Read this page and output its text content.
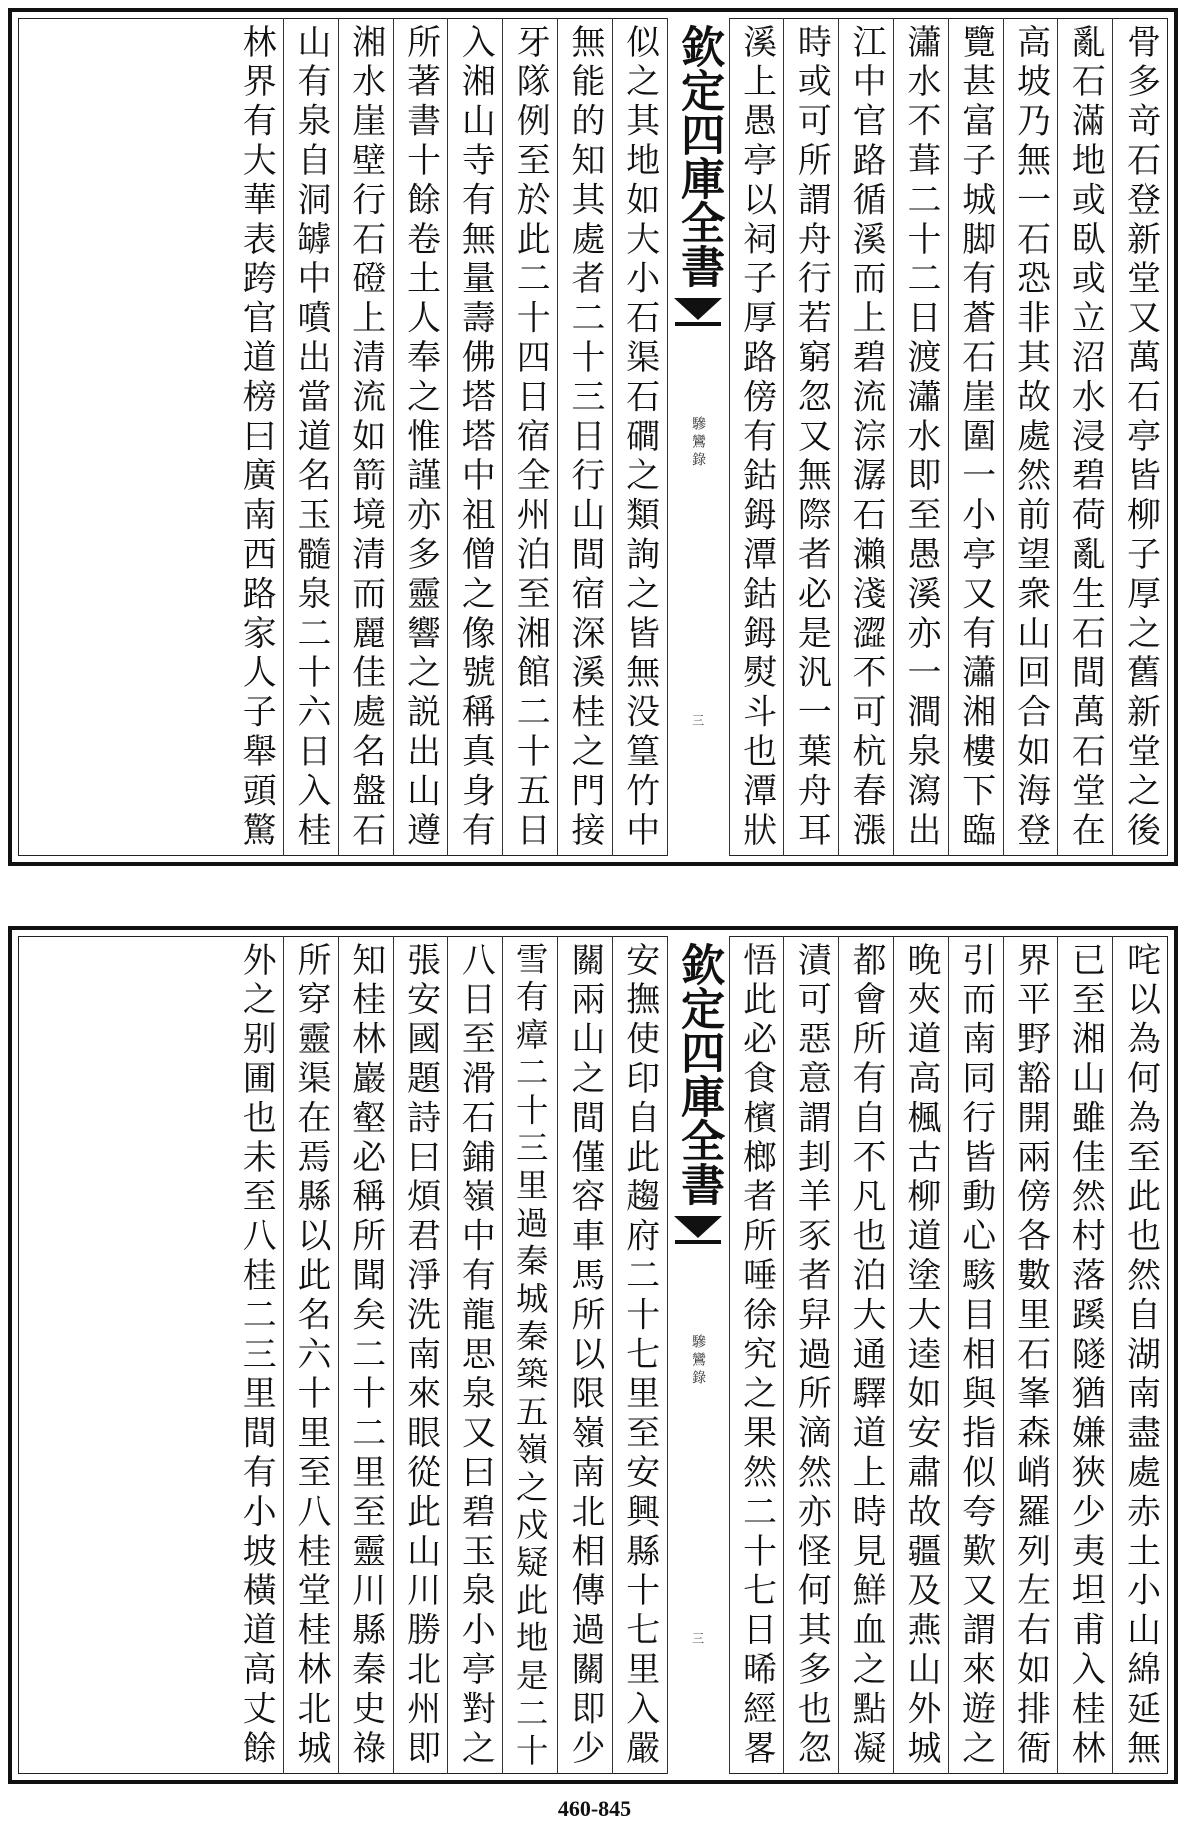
骨多竒石登新堂又萬石亭皆柳子厚之舊新堂之後
亂石滿地或臥或立沼水浸碧荷亂生石間萬石堂在
高坡乃無一石恐非其故處然前望衆山回合如海登
覽甚富子城脚有蒼石崖圍一小亭又有瀟湘樓下臨
瀟水不葺二十二日渡瀟水即至愚溪亦一澗泉瀉出
江中官路循溪而上碧流淙潺石瀨淺澀不可杭春漲
時或可所謂舟行若窮忽又無際者必是汎一葉舟耳
溪上愚亭以祠子厚路傍有鈷鉧潭鈷鉧熨斗也潭狀
欽定四庫全書
驂鸞錄
三
似之其地如大小石渠石磵之類詢之皆無没篁竹中
無能的知其處者二十三日行山間宿深溪桂之門接
牙隊例至於此二十四日宿全州泊至湘館二十五日
入湘山寺有無量壽佛塔塔中祖僧之像號稱真身有
所著書十餘卷土人奉之惟謹亦多靈響之説出山遵
湘水崖壁行石磴上清流如箭境清而麗佳處名盤石
山有泉自洞罅中噴出當道名玉髓泉二十六日入桂
林界有大華表跨官道榜曰廣南西路家人子舉頭驚
咤以為何為至此也然自湖南盡處赤土小山綿延無
已至湘山雖佳然村落蹊隧猶嫌狹少夷坦甫入桂林
界平野豁開兩傍各數里石峯森峭羅列左右如排衙
引而南同行皆動心駭目相與指似夸歎又謂來遊之
晚夾道高楓古柳道塗大逵如安肅故疆及燕山外城
都會所有自不凡也泊大通驛道上時見鮮血之點凝
漬可惡意謂刲羊豕者舁過所滴然亦怪何其多也忽
悟此必食檳榔者所唾徐究之果然二十七日晞經畧
欽定四庫全書
驂鸞錄
三
安撫使印自此趨府二十七里至安興縣十七里入嚴
關兩山之間僅容車馬所以限嶺南北相傳過關即少
雪有瘴二十三里過秦城秦築五嶺之戍疑此地是二十
八日至滑石鋪嶺中有龍思泉又曰碧玉泉小亭對之
張安國題詩曰煩君淨洗南來眼從此山川勝北州即
知桂林巖壑必稱所聞矣二十二里至靈川縣秦史祿
所穿靈渠在焉縣以此名六十里至八桂堂桂林北城
外之别圃也未至八桂二三里間有小坡橫道高丈餘
460-845
